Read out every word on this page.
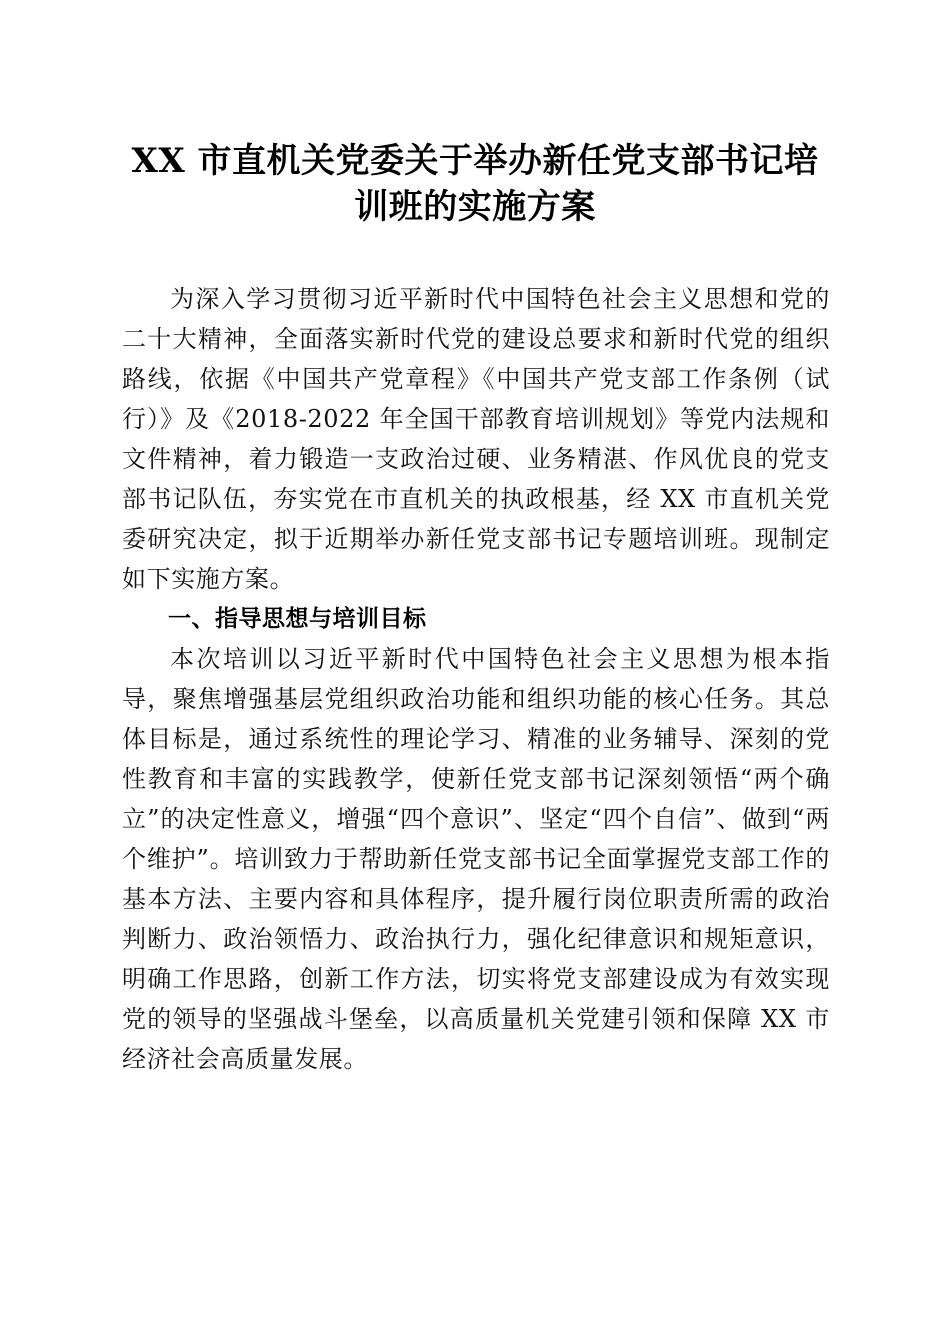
XX 市直机关党委关于举办新任党支部书记培
训班的实施方案

为深入学习贯彻习近平新时代中国特色社会主义思想和党的二十大精神，全面落实新时代党的建设总要求和新时代党的组织路线，依据《中国共产党章程》《中国共产党支部工作条例（试行）》及《2018-2022 年全国干部教育培训规划》等党内法规和文件精神，着力锻造一支政治过硬、业务精湛、作风优良的党支部书记队伍，夯实党在市直机关的执政根基，经 XX 市直机关党委研究决定，拟于近期举办新任党支部书记专题培训班。现制定如下实施方案。

一、指导思想与培训目标

本次培训以习近平新时代中国特色社会主义思想为根本指导，聚焦增强基层党组织政治功能和组织功能的核心任务。其总体目标是，通过系统性的理论学习、精准的业务辅导、深刻的党性教育和丰富的实践教学，使新任党支部书记深刻领悟“两个确立”的决定性意义，增强“四个意识”、坚定“四个自信”、做到“两个维护”。培训致力于帮助新任党支部书记全面掌握党支部工作的基本方法、主要内容和具体程序，提升履行岗位职责所需的政治判断力、政治领悟力、政治执行力，强化纪律意识和规矩意识，明确工作思路，创新工作方法，切实将党支部建设成为有效实现党的领导的坚强战斗堡垒，以高质量机关党建引领和保障 XX 市经济社会高质量发展。
